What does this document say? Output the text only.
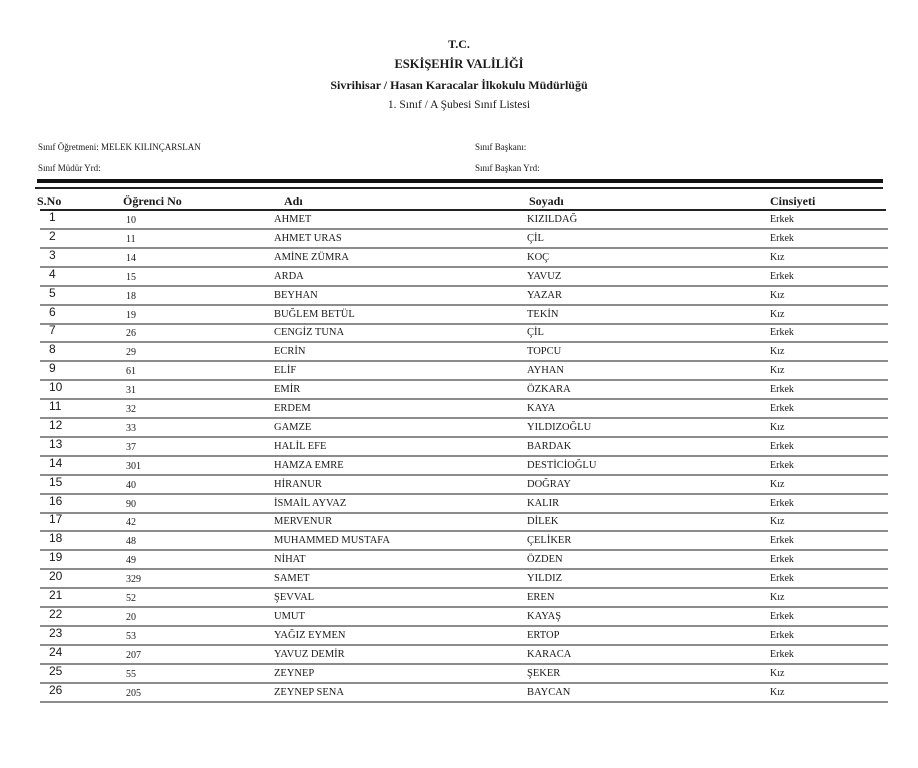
T.C.
ESKİŞEHİR VALİLİĞİ
Sivrihisar / Hasan Karacalar İlkokulu Müdürlüğü
1. Sınıf / A Şubesi Sınıf Listesi
Sınıf Öğretmeni: MELEK KILINÇARSLAN
Sınıf Müdür Yrd:
Sınıf Başkanı:
Sınıf Başkan Yrd:
S.No	Öğrenci No	Adı	Soyadı	Cinsiyeti
1	10	AHMET	KIZILDAĞ	Erkek
2	11	AHMET URAS	ÇİL	Erkek
3	14	AMİNE ZÜMRA	KOÇ	Kız
4	15	ARDA	YAVUZ	Erkek
5	18	BEYHAN	YAZAR	Kız
6	19	BUĞLEM BETÜL	TEKİN	Kız
7	26	CENGİZ TUNA	ÇİL	Erkek
8	29	ECRİN	TOPCU	Kız
9	61	ELİF	AYHAN	Kız
10	31	EMİR	ÖZKARA	Erkek
11	32	ERDEM	KAYA	Erkek
12	33	GAMZE	YILDIZOĞLU	Kız
13	37	HALİL EFE	BARDAK	Erkek
14	301	HAMZA EMRE	DESTİCİOĞLU	Erkek
15	40	HİRANUR	DOĞRAY	Kız
16	90	İSMAİL AYVAZ	KALIR	Erkek
17	42	MERVENUR	DİLEK	Kız
18	48	MUHAMMED MUSTAFA	ÇELİKER	Erkek
19	49	NİHAT	ÖZDEN	Erkek
20	329	SAMET	YILDIZ	Erkek
21	52	ŞEVVAL	EREN	Kız
22	20	UMUT	KAYAŞ	Erkek
23	53	YAĞIZ EYMEN	ERTOP	Erkek
24	207	YAVUZ DEMİR	KARACA	Erkek
25	55	ZEYNEP	ŞEKER	Kız
26	205	ZEYNEP SENA	BAYCAN	Kız
